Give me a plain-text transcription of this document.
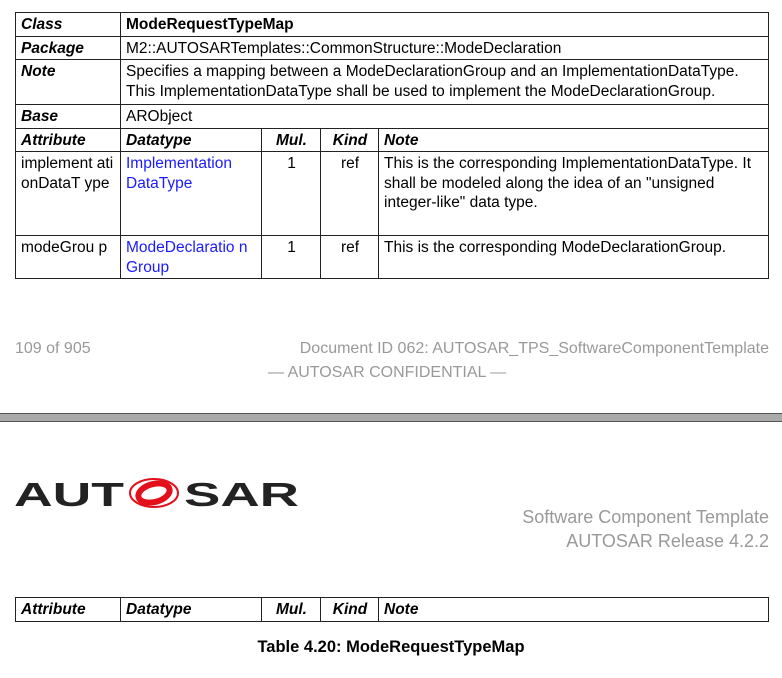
Class	ModeRequestTypeMap			
Package	M2::AUTOSARTemplates::CommonStructure::ModeDeclaration			
Note	Specifies a mapping between a ModeDeclarationGroup and an ImplementationDataType. This ImplementationDataType shall be used to implement the ModeDeclarationGroup.			
Base	ARObject			
Attribute	Datatype	Mul.	Kind	Note
implement ationDataT ype	Implementation DataType	1	ref	This is the corresponding ImplementationDataType. It shall be modeled along the idea of an "unsigned integer-like" data type.
modeGrou p	ModeDeclaratio nGroup	1	ref	This is the corresponding ModeDeclarationGroup.
109 of 905	Document ID 062: AUTOSAR_TPS_SoftwareComponentTemplate
— AUTOSAR CONFIDENTIAL —
AUT SAR
Software Component Template
AUTOSAR Release 4.2.2
Attribute	Datatype	Mul.	Kind	Note
Table 4.20: ModeRequestTypeMap
